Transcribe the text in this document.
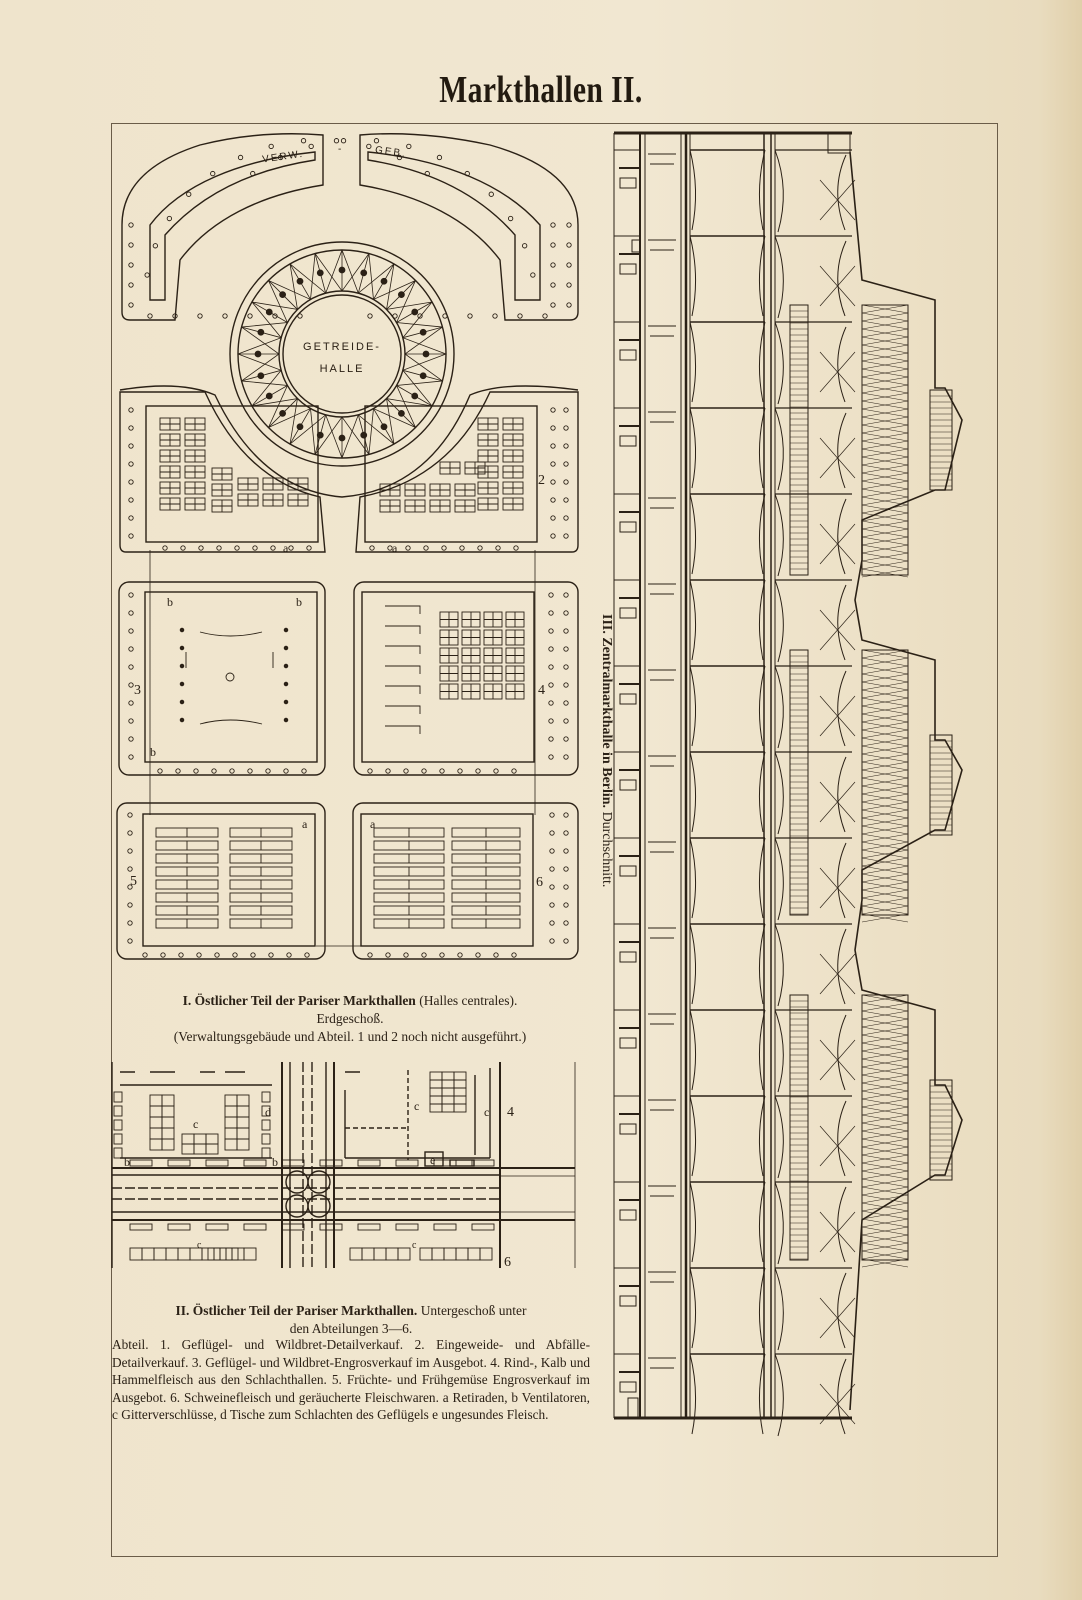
Markthallen II.
VERW.	-	GEB.
GETREIDE-
HALLE
2
3	4
5	6
a	a
b
b
b
a	a
c
d	c	c
e
b	b
c	c
4
6
I. Östlicher Teil der Pariser Markthallen (Halles centrales).
Erdgeschoß.
(Verwaltungsgebäude und Abteil. 1 und 2 noch nicht ausgeführt.)
II. Östlicher Teil der Pariser Markthallen. Untergeschoß unter
den Abteilungen 3—6.
Abteil. 1. Geflügel- und Wildbret-Detailverkauf. 2. Eingeweide- und Abfälle-Detailverkauf. 3. Geflügel- und Wildbret-Engrosverkauf im Ausgebot. 4. Rind-, Kalb und Hammelfleisch aus den Schlachthallen. 5. Früchte- und Frühgemüse Engrosverkauf im Ausgebot. 6. Schweinefleisch und geräucherte Fleischwaren. a Retiraden, b Ventilatoren, c Gitterverschlüsse, d Tische zum Schlachten des Geflügels e ungesundes Fleisch.
III. Zentralmarkthalle in Berlin. Durchschnitt.
